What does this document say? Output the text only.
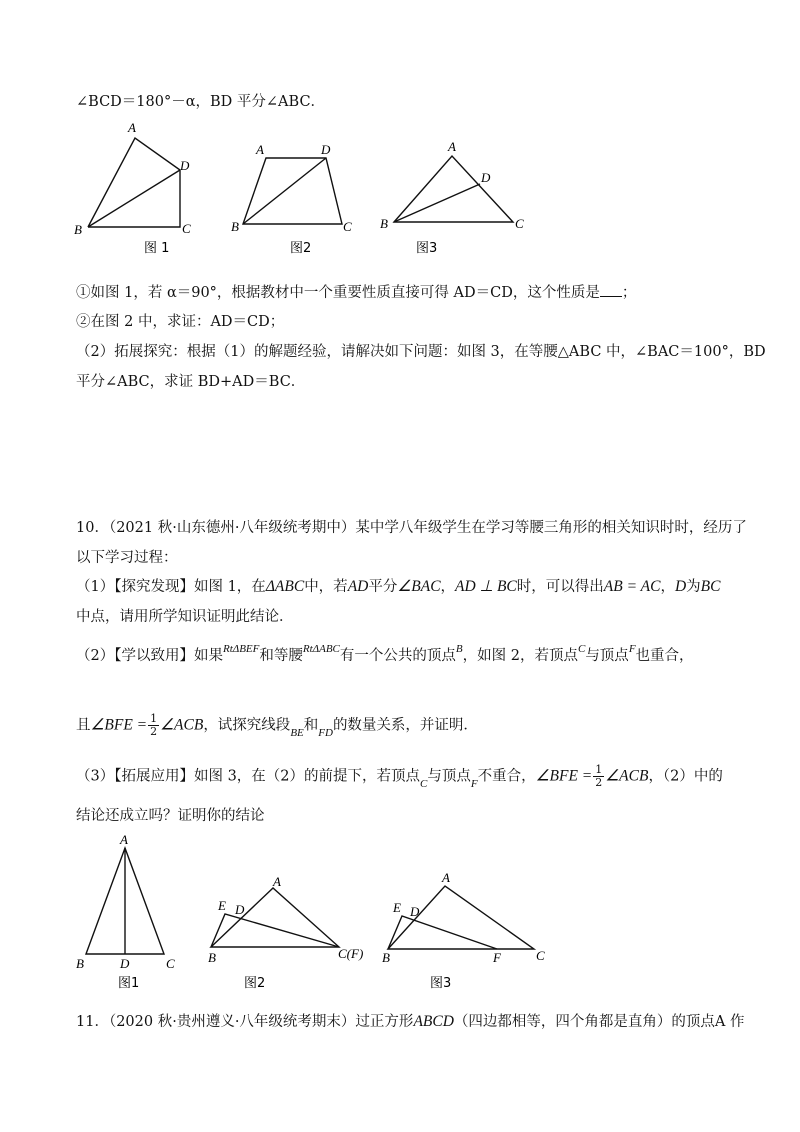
∠BCD＝180°－α，BD 平分∠ABC．
A
D
B	C
图 1
A	D
B	C
图2
A
D
B	C
图3
①如图 1，若 α＝90°，根据教材中一个重要性质直接可得 AD＝CD，这个性质是 ；
②在图 2 中，求证：AD＝CD；
（2）拓展探究：根据（1）的解题经验，请解决如下问题：如图 3，在等腰△ABC 中，∠BAC＝100°，BD
平分∠ABC，求证 BD+AD＝BC．
10．（2021 秋·山东德州·八年级统考期中）某中学八年级学生在学习等腰三角形的相关知识时时，经历了
以下学习过程：
（1）【探究发现】如图 1，在ΔABC中，若AD平分∠BAC，AD ⊥ BC时，可以得出AB = AC，D为BC
中点，请用所学知识证明此结论．
（2）【学以致用】如果$^{Rt\Delta BEF}$和等腰$^{Rt\Delta ABC}$有一个公共的顶点$^B$，如图 2，若顶点$^C$与顶点$^F$也重合，
且∠BFE = $\frac{1}{2}$ ∠ACB，试探究线段$_{BE}$和$_{FD}$的数量关系，并证明．
（3）【拓展应用】如图 3，在（2）的前提下，若顶点$_C$与顶点$_F$不重合，∠BFE = $\frac{1}{2}$ ∠ACB，（2）中的
结论还成立吗？证明你的结论
A
B	D	C
图1
A
E D
B	C(F)
图2
A
E D
B	F	C
图3
11．（2020 秋·贵州遵义·八年级统考期末）过正方形ABCD（四边都相等，四个角都是直角）的顶点A 作
